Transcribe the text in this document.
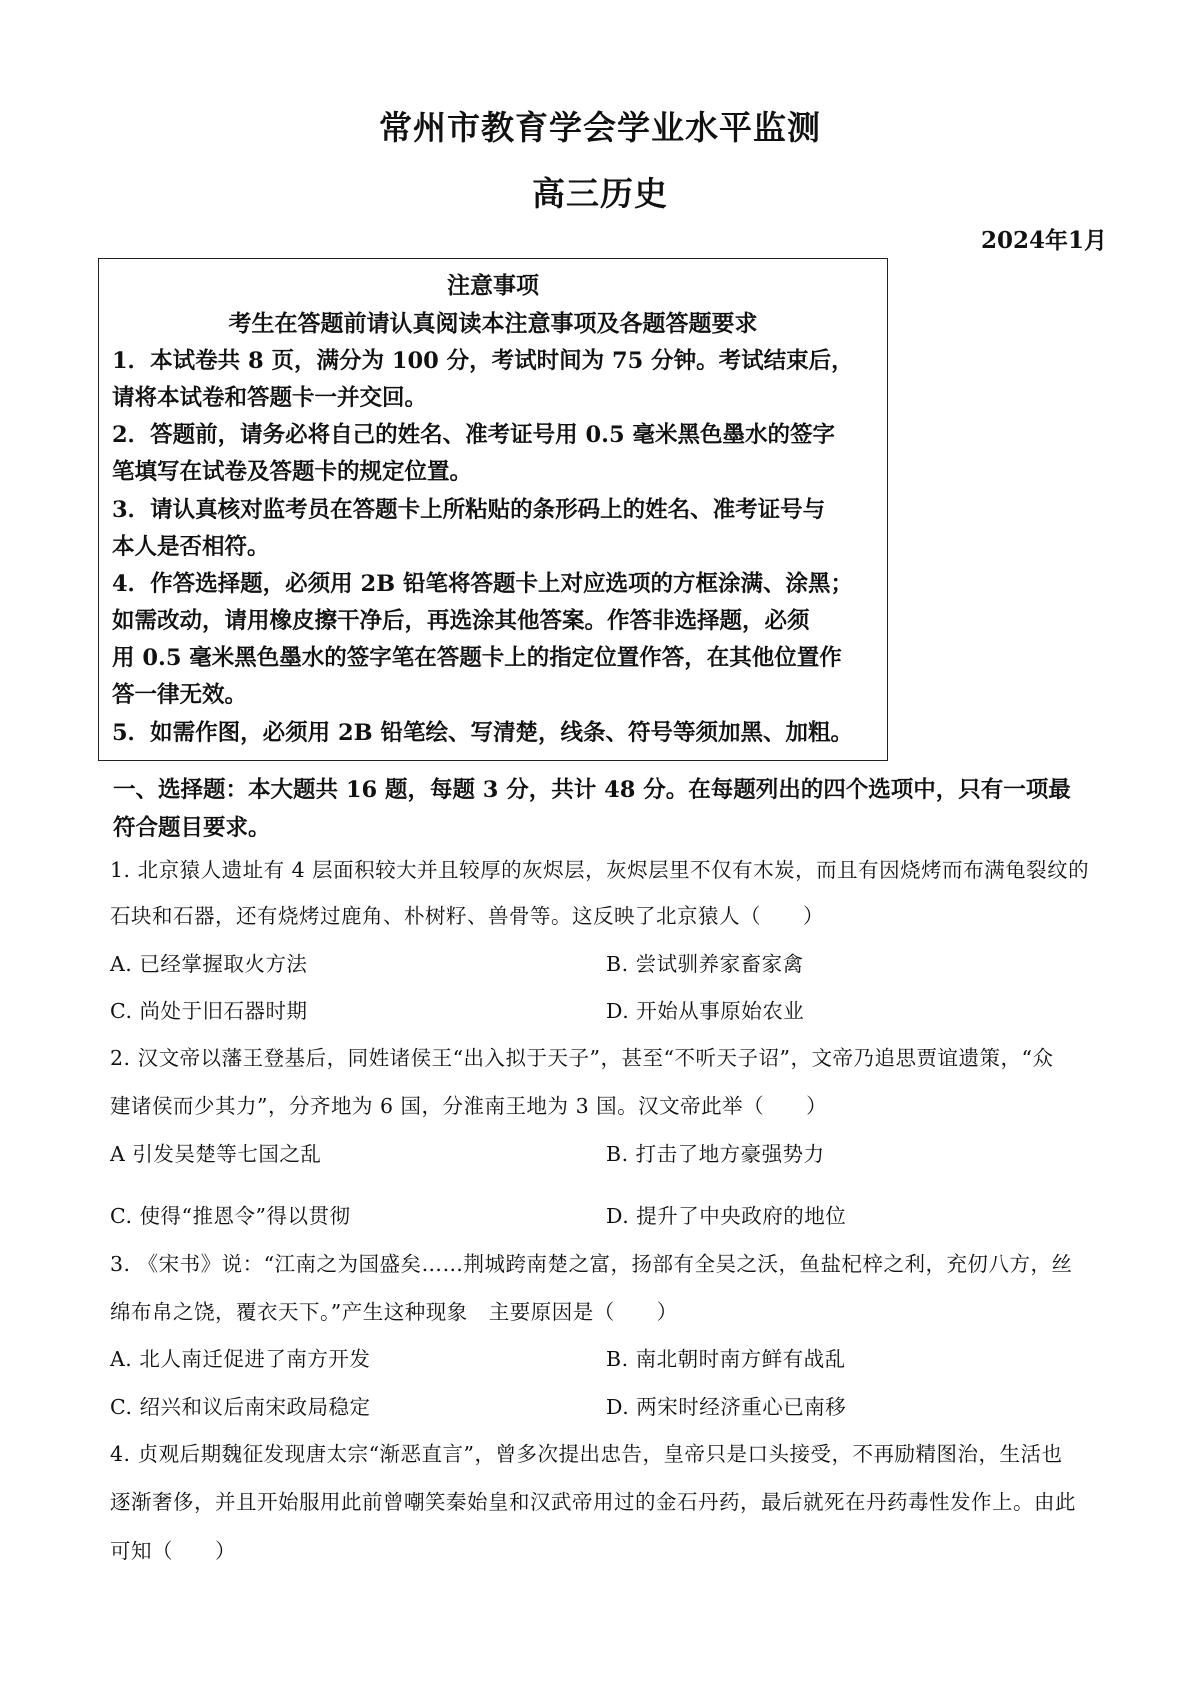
常州市教育学会学业水平监测
高三历史
2024年1月
注意事项
考生在答题前请认真阅读本注意事项及各题答题要求
1．本试卷共 8 页，满分为 100 分，考试时间为 75 分钟。考试结束后，
请将本试卷和答题卡一并交回。
2．答题前，请务必将自己的姓名、准考证号用 0.5 毫米黑色墨水的签字
笔填写在试卷及答题卡的规定位置。
3．请认真核对监考员在答题卡上所粘贴的条形码上的姓名、准考证号与
本人是否相符。
4．作答选择题，必须用 2B 铅笔将答题卡上对应选项的方框涂满、涂黑；
如需改动，请用橡皮擦干净后，再选涂其他答案。作答非选择题，必须
用 0.5 毫米黑色墨水的签字笔在答题卡上的指定位置作答，在其他位置作
答一律无效。
5．如需作图，必须用 2B 铅笔绘、写清楚，线条、符号等须加黑、加粗。
一、选择题：本大题共 16 题，每题 3 分，共计 48 分。在每题列出的四个选项中，只有一项最
符合题目要求。
1. 北京猿人遗址有 4 层面积较大并且较厚的灰烬层，灰烬层里不仅有木炭，而且有因烧烤而布满龟裂纹的
石块和石器，还有烧烤过鹿角、朴树籽、兽骨等。这反映了北京猿人（　　）
A. 已经掌握取火方法	B. 尝试驯养家畜家禽
C. 尚处于旧石器时期	D. 开始从事原始农业
2. 汉文帝以藩王登基后，同姓诸侯王“出入拟于天子”，甚至“不听天子诏”，文帝乃追思贾谊遗策，“众
建诸侯而少其力”，分齐地为 6 国，分淮南王地为 3 国。汉文帝此举（　　）
A 引发吴楚等七国之乱	B. 打击了地方豪强势力
C. 使得“推恩令”得以贯彻	D. 提升了中央政府的地位
3. 《宋书》说：“江南之为国盛矣……荆城跨南楚之富，扬部有全吴之沃，鱼盐杞梓之利，充仞八方，丝
绵布帛之饶，覆衣天下。”产生这种现象　主要原因是（　　）
A. 北人南迁促进了南方开发	B. 南北朝时南方鲜有战乱
C. 绍兴和议后南宋政局稳定	D. 两宋时经济重心已南移
4. 贞观后期魏征发现唐太宗“渐恶直言”，曾多次提出忠告，皇帝只是口头接受，不再励精图治，生活也
逐渐奢侈，并且开始服用此前曾嘲笑秦始皇和汉武帝用过的金石丹药，最后就死在丹药毒性发作上。由此
可知（　　）
